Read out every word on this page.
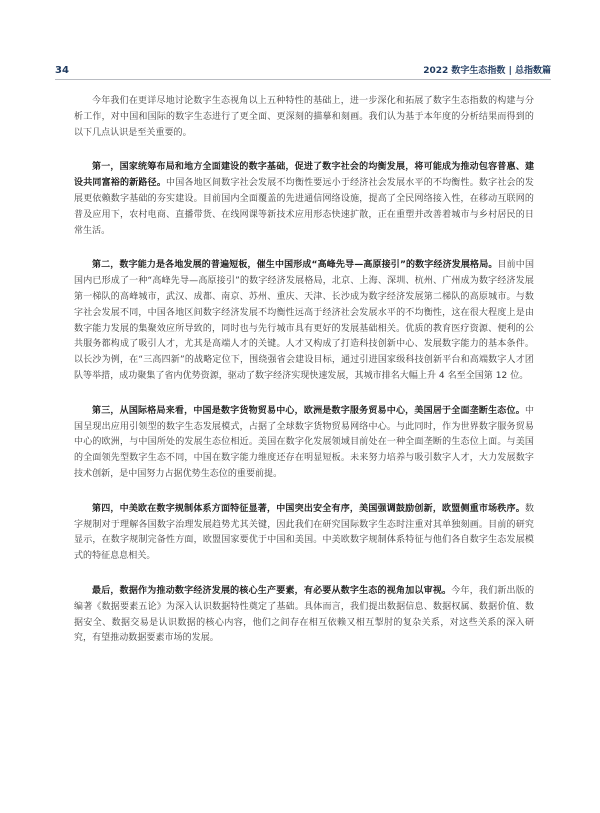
34	2022 数字生态指数 | 总指数篇

今年我们在更详尽地讨论数字生态视角以上五种特性的基础上，进一步深化和拓展了数字生态指数的构建与分析工作，对中国和国际的数字生态进行了更全面、更深刻的描摹和刻画。我们认为基于本年度的分析结果而得到的以下几点认识是至关重要的。

第一，国家统筹布局和地方全面建设的数字基础，促进了数字社会的均衡发展，将可能成为推动包容普惠、建设共同富裕的新路径。中国各地区间数字社会发展不均衡性要远小于经济社会发展水平的不均衡性。数字社会的发展更依赖数字基础的夯实建设。目前国内全面覆盖的先进通信网络设施，提高了全民网络接入性，在移动互联网的普及应用下，农村电商、直播带货、在线网课等新技术应用形态快速扩散，正在重塑并改善着城市与乡村居民的日常生活。

第二，数字能力是各地发展的普遍短板，催生中国形成“高峰先导—高原接引”的数字经济发展格局。目前中国国内已形成了一种“高峰先导—高原接引”的数字经济发展格局，北京、上海、深圳、杭州、广州成为数字经济发展第一梯队的高峰城市，武汉、成都、南京、苏州、重庆、天津、长沙成为数字经济发展第二梯队的高原城市。与数字社会发展不同，中国各地区间数字经济发展不均衡性远高于经济社会发展水平的不均衡性，这在很大程度上是由数字能力发展的集聚效应所导致的，同时也与先行城市具有更好的发展基础相关。优质的教育医疗资源、便利的公共服务都构成了吸引人才，尤其是高端人才的关键。人才又构成了打造科技创新中心、发展数字能力的基本条件。以长沙为例，在“三高四新”的战略定位下，围绕强省会建设目标，通过引进国家级科技创新平台和高端数字人才团队等举措，成功聚集了省内优势资源，驱动了数字经济实现快速发展，其城市排名大幅上升 4 名至全国第 12 位。

第三，从国际格局来看，中国是数字货物贸易中心，欧洲是数字服务贸易中心，美国居于全面垄断生态位。中国呈现出应用引领型的数字生态发展模式，占据了全球数字货物贸易网络中心。与此同时，作为世界数字服务贸易中心的欧洲，与中国所处的发展生态位相近。美国在数字化发展领域目前处在一种全面垄断的生态位上面。与美国的全面领先型数字生态不同，中国在数字能力维度还存在明显短板。未来努力培养与吸引数字人才，大力发展数字技术创新，是中国努力占据优势生态位的重要前提。

第四，中美欧在数字规制体系方面特征显著，中国突出安全有序，美国强调鼓励创新，欧盟侧重市场秩序。数字规制对于理解各国数字治理发展趋势尤其关键，因此我们在研究国际数字生态时注重对其单独刻画。目前的研究显示，在数字规制完备性方面，欧盟国家要优于中国和美国。中美欧数字规制体系特征与他们各自数字生态发展模式的特征息息相关。

最后，数据作为推动数字经济发展的核心生产要素，有必要从数字生态的视角加以审视。今年，我们新出版的编著《数据要素五论》为深入认识数据特性奠定了基础。具体而言，我们提出数据信息、数据权属、数据价值、数据安全、数据交易是认识数据的核心内容，他们之间存在相互依赖又相互掣肘的复杂关系，对这些关系的深入研究，有望推动数据要素市场的发展。
